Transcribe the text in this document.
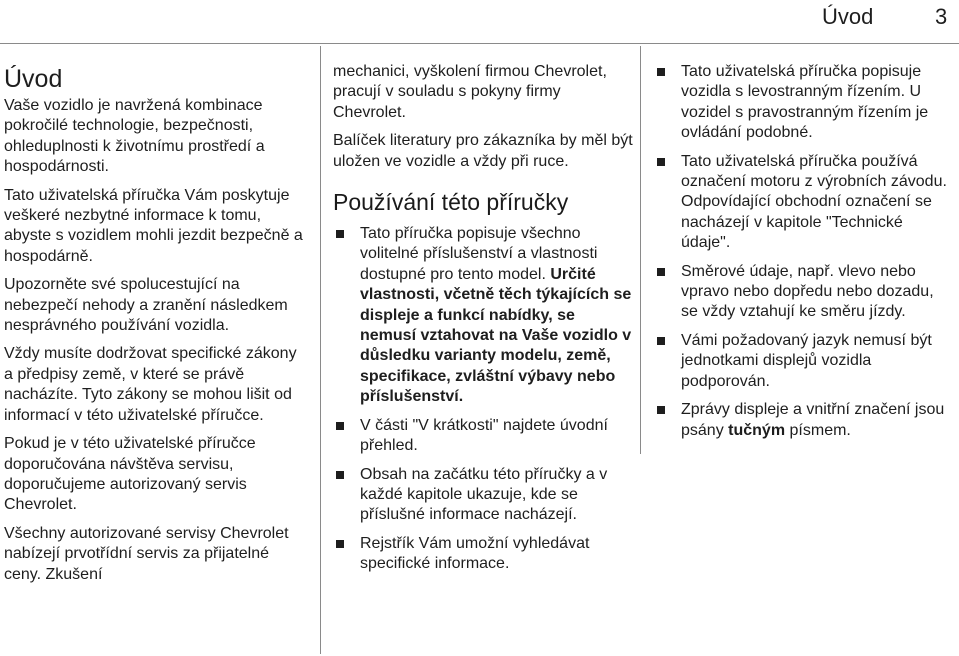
Úvod	3
Úvod

Vaše vozidlo je navržená kombinace pokročilé technologie, bezpečnosti, ohleduplnosti k životnímu prostředí a hospodárnosti.

Tato uživatelská příručka Vám poskytuje veškeré nezbytné informace k tomu, abyste s vozidlem mohli jezdit bezpečně a hospodárně.

Upozorněte své spolucestující na nebezpečí nehody a zranění následkem nesprávného používání vozidla.

Vždy musíte dodržovat specifické zákony a předpisy země, v které se právě nacházíte. Tyto zákony se mohou lišit od informací v této uživatelské příručce.

Pokud je v této uživatelské příručce doporučována návštěva servisu, doporučujeme autorizovaný servis Chevrolet.

Všechny autorizované servisy Chevrolet nabízejí prvotřídní servis za přijatelné ceny. Zkušení

mechanici, vyškolení firmou Chevrolet, pracují v souladu s pokyny firmy Chevrolet.

Balíček literatury pro zákazníka by měl být uložen ve vozidle a vždy při ruce.

Používání této příručky
Tato příručka popisuje všechno volitelné příslušenství a vlastnosti dostupné pro tento model. Určité vlastnosti, včetně těch týkajících se displeje a funkcí nabídky, se nemusí vztahovat na Vaše vozidlo v důsledku varianty modelu, země, specifikace, zvláštní výbavy nebo příslušenství.
V části "V krátkosti" najdete úvodní přehled.
Obsah na začátku této příručky a v každé kapitole ukazuje, kde se příslušné informace nacházejí.
Rejstřík Vám umožní vyhledávat specifické informace.
Tato uživatelská příručka popisuje vozidla s levostranným řízením. U vozidel s pravostranným řízením je ovládání podobné.
Tato uživatelská příručka používá označení motoru z výrobních závodu. Odpovídající obchodní označení se nacházejí v kapitole "Technické údaje".
Směrové údaje, např. vlevo nebo vpravo nebo dopředu nebo dozadu, se vždy vztahují ke směru jízdy.
Vámi požadovaný jazyk nemusí být jednotkami displejů vozidla podporován.
Zprávy displeje a vnitřní značení jsou psány tučným písmem.
